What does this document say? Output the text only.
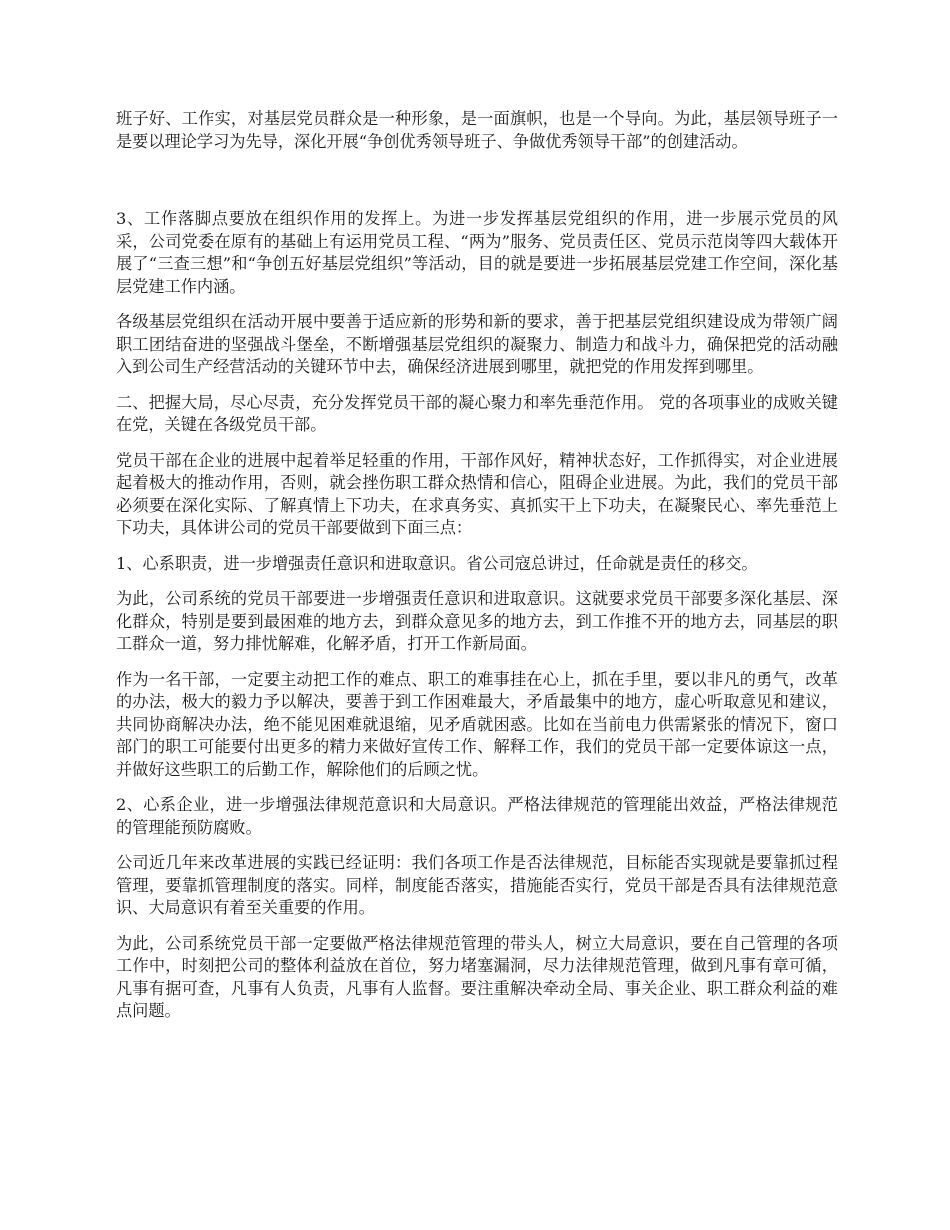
班子好、工作实，对基层党员群众是一种形象，是一面旗帜，也是一个导向。为此，基层领导班子一是要以理论学习为先导，深化开展“争创优秀领导班子、争做优秀领导干部”的创建活动。

3、工作落脚点要放在组织作用的发挥上。为进一步发挥基层党组织的作用，进一步展示党员的风采，公司党委在原有的基础上有运用党员工程、“两为”服务、党员责任区、党员示范岗等四大载体开展了“三查三想”和“争创五好基层党组织”等活动，目的就是要进一步拓展基层党建工作空间，深化基层党建工作内涵。

各级基层党组织在活动开展中要善于适应新的形势和新的要求，善于把基层党组织建设成为带领广阔职工团结奋进的坚强战斗堡垒，不断增强基层党组织的凝聚力、制造力和战斗力，确保把党的活动融入到公司生产经营活动的关键环节中去，确保经济进展到哪里，就把党的作用发挥到哪里。

二、把握大局，尽心尽责，充分发挥党员干部的凝心聚力和率先垂范作用。 党的各项事业的成败关键在党，关键在各级党员干部。

党员干部在企业的进展中起着举足轻重的作用，干部作风好，精神状态好，工作抓得实，对企业进展起着极大的推动作用，否则，就会挫伤职工群众热情和信心，阻碍企业进展。为此，我们的党员干部必须要在深化实际、了解真情上下功夫，在求真务实、真抓实干上下功夫，在凝聚民心、率先垂范上下功夫，具体讲公司的党员干部要做到下面三点：

1、心系职责，进一步增强责任意识和进取意识。省公司寇总讲过，任命就是责任的移交。

为此，公司系统的党员干部要进一步增强责任意识和进取意识。这就要求党员干部要多深化基层、深化群众，特别是要到最困难的地方去，到群众意见多的地方去，到工作推不开的地方去，同基层的职工群众一道，努力排忧解难，化解矛盾，打开工作新局面。

作为一名干部，一定要主动把工作的难点、职工的难事挂在心上，抓在手里，要以非凡的勇气，改革的办法，极大的毅力予以解决，要善于到工作困难最大，矛盾最集中的地方，虚心听取意见和建议，共同协商解决办法，绝不能见困难就退缩，见矛盾就困惑。比如在当前电力供需紧张的情况下，窗口部门的职工可能要付出更多的精力来做好宣传工作、解释工作，我们的党员干部一定要体谅这一点，并做好这些职工的后勤工作，解除他们的后顾之忧。

2、心系企业，进一步增强法律规范意识和大局意识。严格法律规范的管理能出效益，严格法律规范的管理能预防腐败。

公司近几年来改革进展的实践已经证明：我们各项工作是否法律规范，目标能否实现就是要靠抓过程管理，要靠抓管理制度的落实。同样，制度能否落实，措施能否实行，党员干部是否具有法律规范意识、大局意识有着至关重要的作用。

为此，公司系统党员干部一定要做严格法律规范管理的带头人，树立大局意识，要在自己管理的各项工作中，时刻把公司的整体利益放在首位，努力堵塞漏洞，尽力法律规范管理，做到凡事有章可循，凡事有据可查，凡事有人负责，凡事有人监督。要注重解决牵动全局、事关企业、职工群众利益的难点问题。
